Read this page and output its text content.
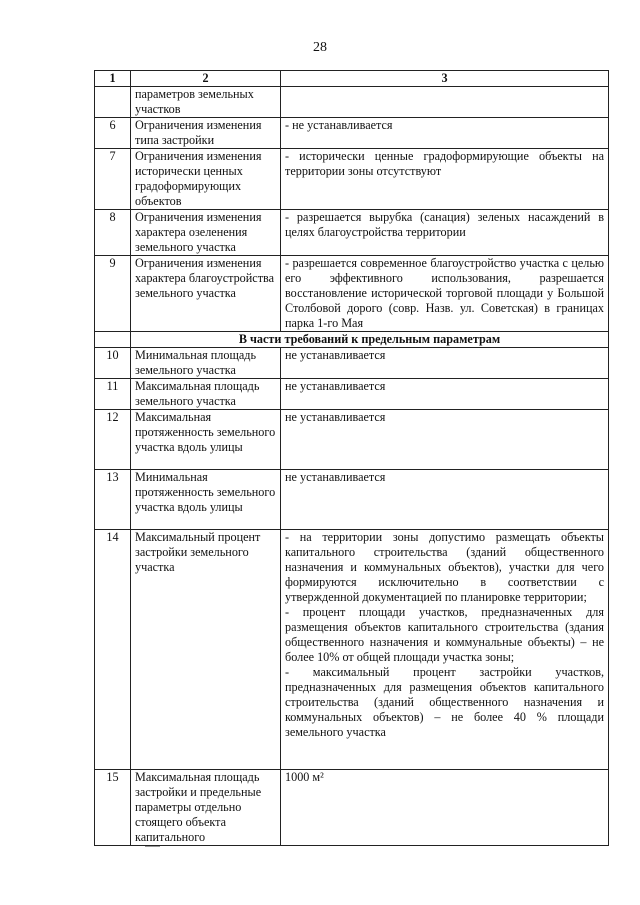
28
1	2	3
	параметров земельных участков	
6	Ограничения изменения типа застройки	- не устанавливается
7	Ограничения изменения исторически ценных градоформирующих объектов	- исторически ценные градоформирующие объекты на территории зоны отсутствуют
8	Ограничения изменения характера озеленения земельного участка	- разрешается вырубка (санация) зеленых насаждений в целях благоустройства территории
9	Ограничения изменения характера благоустройства земельного участка	- разрешается современное благоустройство участка с целью его эффективного использования, разрешается восстановление исторической торговой площади у Большой Столбовой дорого (совр. Назв. ул. Советская) в границах парка 1-го Мая
	В части требований к предельным параметрам	
10	Минимальная площадь земельного участка	не устанавливается
11	Максимальная площадь земельного участка	не устанавливается
12	Максимальная протяженность земельного участка вдоль улицы	не устанавливается
13	Минимальная протяженность земельного участка вдоль улицы	не устанавливается
14	Максимальный процент застройки земельного участка	- на территории зоны допустимо размещать объекты капитального строительства (зданий общественного назначения и коммунальных объектов), участки для чего формируются исключительно в соответствии с утвержденной документацией по планировке территории;
- процент площади участков, предназначенных для размещения объектов капитального строительства (здания общественного назначения и коммунальные объекты) – не более 10% от общей площади участка зоны;
- максимальный процент застройки участков, предназначенных для размещения объектов капитального строительства (зданий общественного назначения и коммунальных объектов) – не более 40 % площади земельного участка
15	Максимальная площадь застройки и предельные параметры отдельно стоящего объекта капитального	1000 м²
